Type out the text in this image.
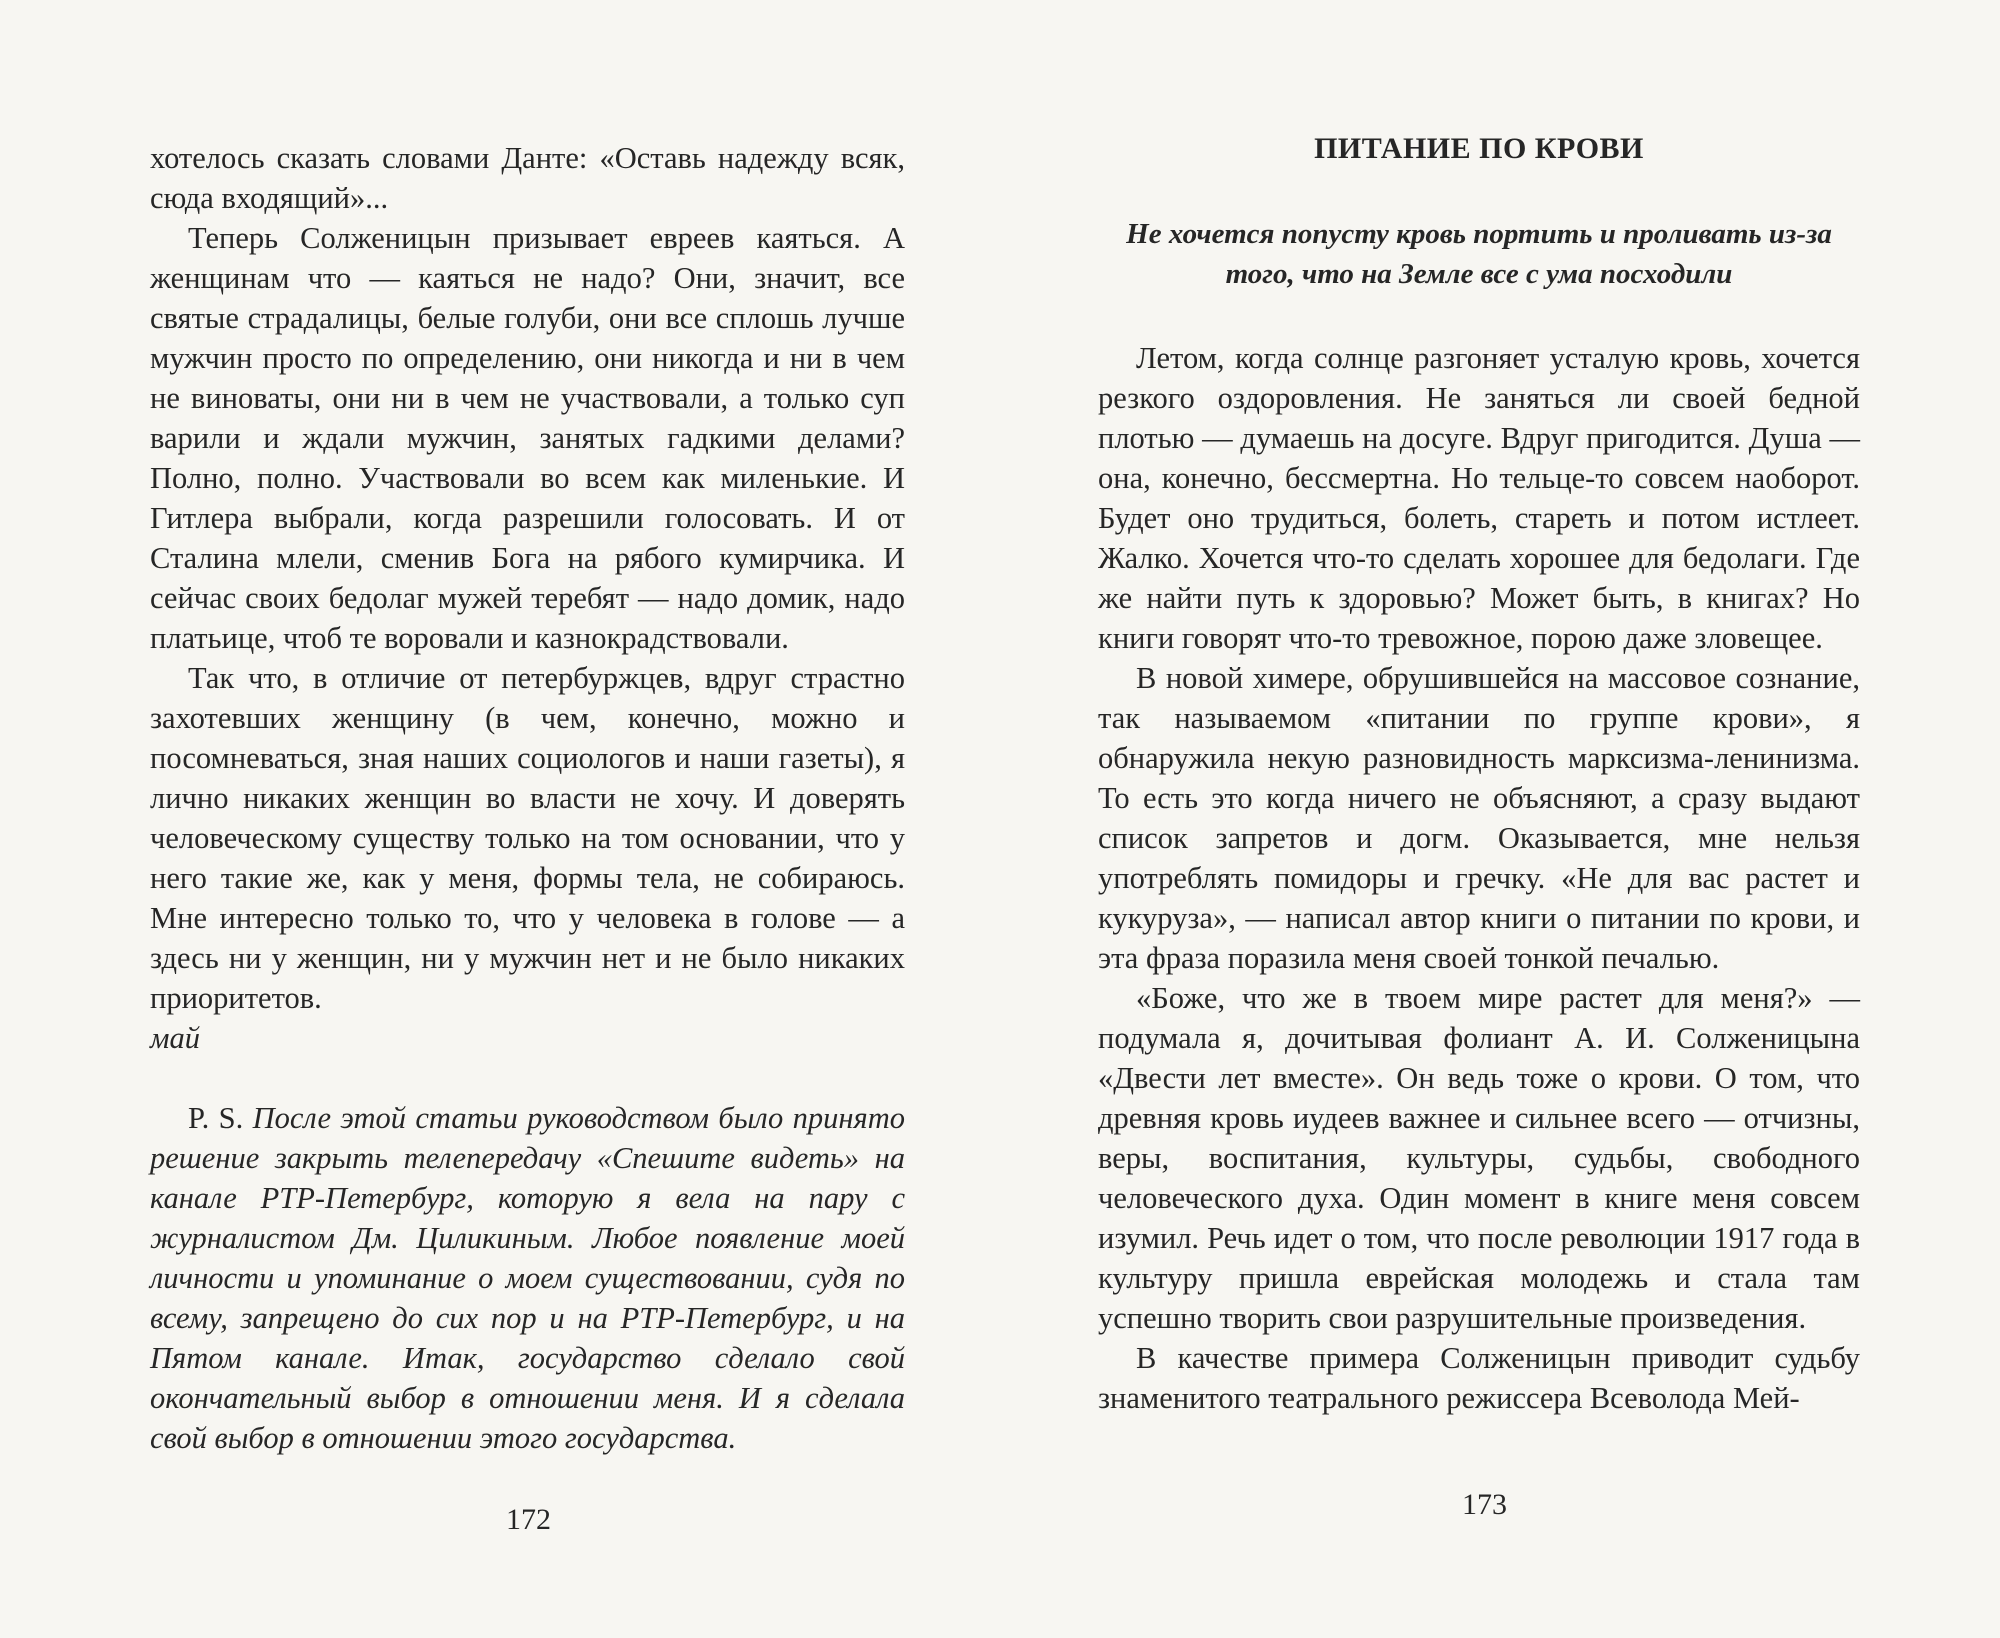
хотелось сказать словами Данте: «Оставь надежду всяк, сюда входящий»...

Теперь Солженицын призывает евреев каяться. А женщинам что — каяться не надо? Они, значит, все святые страдалицы, белые голуби, они все сплошь лучше мужчин просто по определению, они никогда и ни в чем не виноваты, они ни в чем не участвовали, а только суп варили и ждали мужчин, занятых гадкими делами? Полно, полно. Участвовали во всем как миленькие. И Гитлера выбрали, когда разрешили голосовать. И от Сталина млели, сменив Бога на рябого кумирчика. И сейчас своих бедолаг мужей теребят — надо домик, надо платьице, чтоб те воровали и казнокрадствовали.

Так что, в отличие от петербуржцев, вдруг страстно захотевших женщину (в чем, конечно, можно и посомневаться, зная наших социологов и наши газеты), я лично никаких женщин во власти не хочу. И доверять человеческому существу только на том основании, что у него такие же, как у меня, формы тела, не собираюсь. Мне интересно только то, что у человека в голове — а здесь ни у женщин, ни у мужчин нет и не было никаких приоритетов.

май

P. S. После этой статьи руководством было принято решение закрыть телепередачу «Спешите видеть» на канале РТР-Петербург, которую я вела на пару с журналистом Дм. Циликиным. Любое появление моей личности и упоминание о моем существовании, судя по всему, запрещено до сих пор и на РТР-Петербург, и на Пятом канале. Итак, государство сделало свой окончательный выбор в отношении меня. И я сделала свой выбор в отношении этого государства.

172
ПИТАНИЕ ПО КРОВИ

Не хочется попусту кровь портить и проливать из-за того, что на Земле все с ума посходили

Летом, когда солнце разгоняет усталую кровь, хочется резкого оздоровления. Не заняться ли своей бедной плотью — думаешь на досуге. Вдруг пригодится. Душа — она, конечно, бессмертна. Но тельце-то совсем наоборот. Будет оно трудиться, болеть, стареть и потом истлеет. Жалко. Хочется что-то сделать хорошее для бедолаги. Где же найти путь к здоровью? Может быть, в книгах? Но книги говорят что-то тревожное, порою даже зловещее.

В новой химере, обрушившейся на массовое сознание, так называемом «питании по группе крови», я обнаружила некую разновидность марксизма-ленинизма. То есть это когда ничего не объясняют, а сразу выдают список запретов и догм. Оказывается, мне нельзя употреблять помидоры и гречку. «Не для вас растет и кукуруза», — написал автор книги о питании по крови, и эта фраза поразила меня своей тонкой печалью.

«Боже, что же в твоем мире растет для меня?» — подумала я, дочитывая фолиант А. И. Солженицына «Двести лет вместе». Он ведь тоже о крови. О том, что древняя кровь иудеев важнее и сильнее всего — отчизны, веры, воспитания, культуры, судьбы, свободного человеческого духа. Один момент в книге меня совсем изумил. Речь идет о том, что после революции 1917 года в культуру пришла еврейская молодежь и стала там успешно творить свои разрушительные произведения.

В качестве примера Солженицын приводит судьбу знаменитого театрального режиссера Всеволода Мей-

173
